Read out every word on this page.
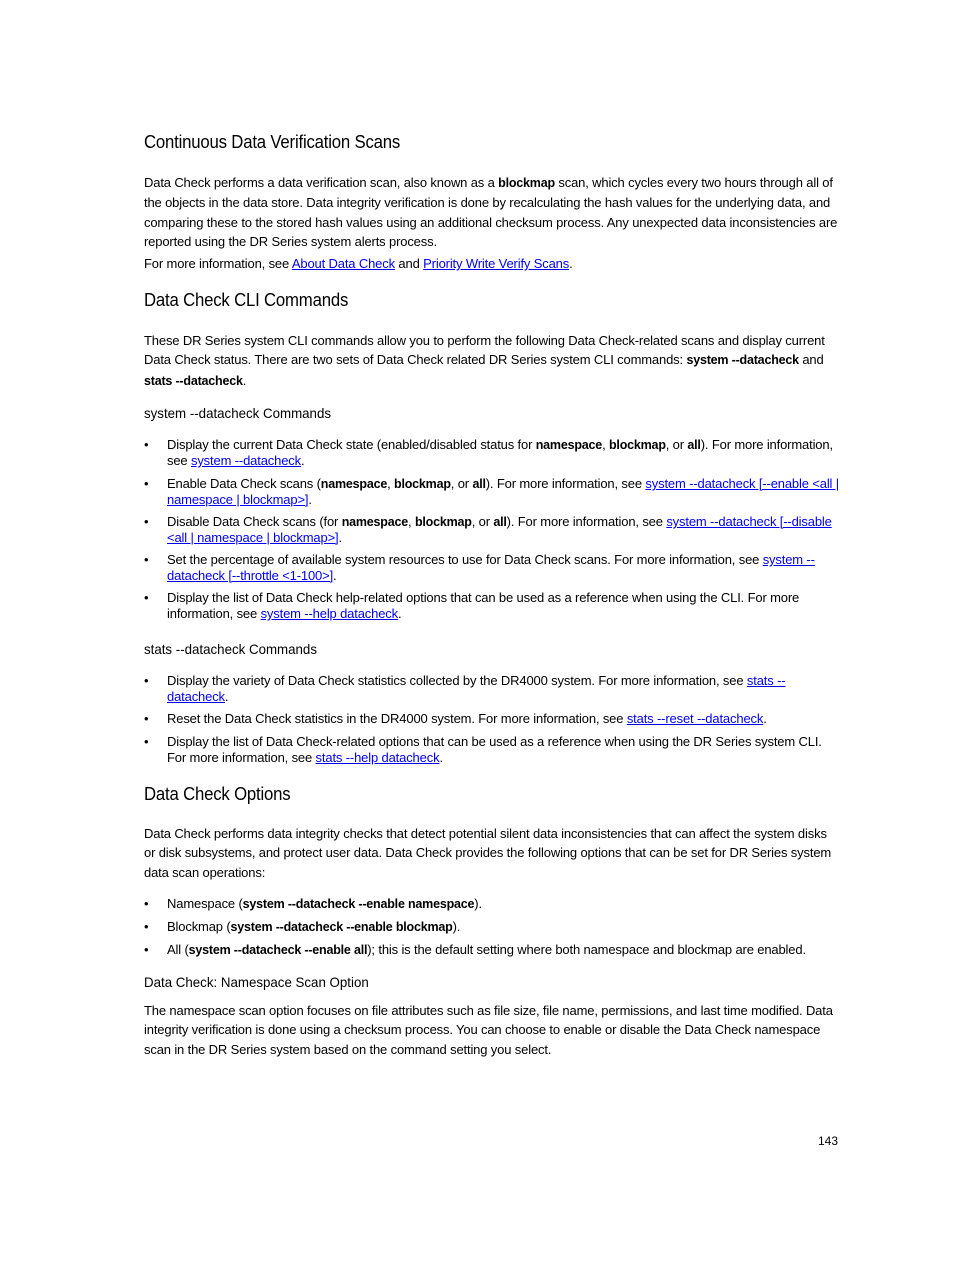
Continuous Data Verification Scans

Data Check performs a data verification scan, also known as a blockmap scan, which cycles every two hours through all of the objects in the data store. Data integrity verification is done by recalculating the hash values for the underlying data, and comparing these to the stored hash values using an additional checksum process. Any unexpected data inconsistencies are reported using the DR Series system alerts process.

For more information, see About Data Check and Priority Write Verify Scans.

Data Check CLI Commands

These DR Series system CLI commands allow you to perform the following Data Check-related scans and display current Data Check status. There are two sets of Data Check related DR Series system CLI commands: system --datacheck and stats --datacheck.

system --datacheck Commands
• Display the current Data Check state (enabled/disabled status for namespace, blockmap, or all). For more information, see system --datacheck.
• Enable Data Check scans (namespace, blockmap, or all). For more information, see system --datacheck [--enable <all | namespace | blockmap>].
• Disable Data Check scans (for namespace, blockmap, or all). For more information, see system --datacheck [--disable <all | namespace | blockmap>].
• Set the percentage of available system resources to use for Data Check scans. For more information, see system --datacheck [--throttle <1-100>].
• Display the list of Data Check help-related options that can be used as a reference when using the CLI. For more information, see system --help datacheck.
stats --datacheck Commands
• Display the variety of Data Check statistics collected by the DR4000 system. For more information, see stats --datacheck.
• Reset the Data Check statistics in the DR4000 system. For more information, see stats --reset --datacheck.
• Display the list of Data Check-related options that can be used as a reference when using the DR Series system CLI. For more information, see stats --help datacheck.
Data Check Options

Data Check performs data integrity checks that detect potential silent data inconsistencies that can affect the system disks or disk subsystems, and protect user data. Data Check provides the following options that can be set for DR Series system data scan operations:

• Namespace (system --datacheck --enable namespace).
• Blockmap (system --datacheck --enable blockmap).
• All (system --datacheck --enable all); this is the default setting where both namespace and blockmap are enabled.
Data Check: Namespace Scan Option

The namespace scan option focuses on file attributes such as file size, file name, permissions, and last time modified. Data integrity verification is done using a checksum process. You can choose to enable or disable the Data Check namespace scan in the DR Series system based on the command setting you select.

143
